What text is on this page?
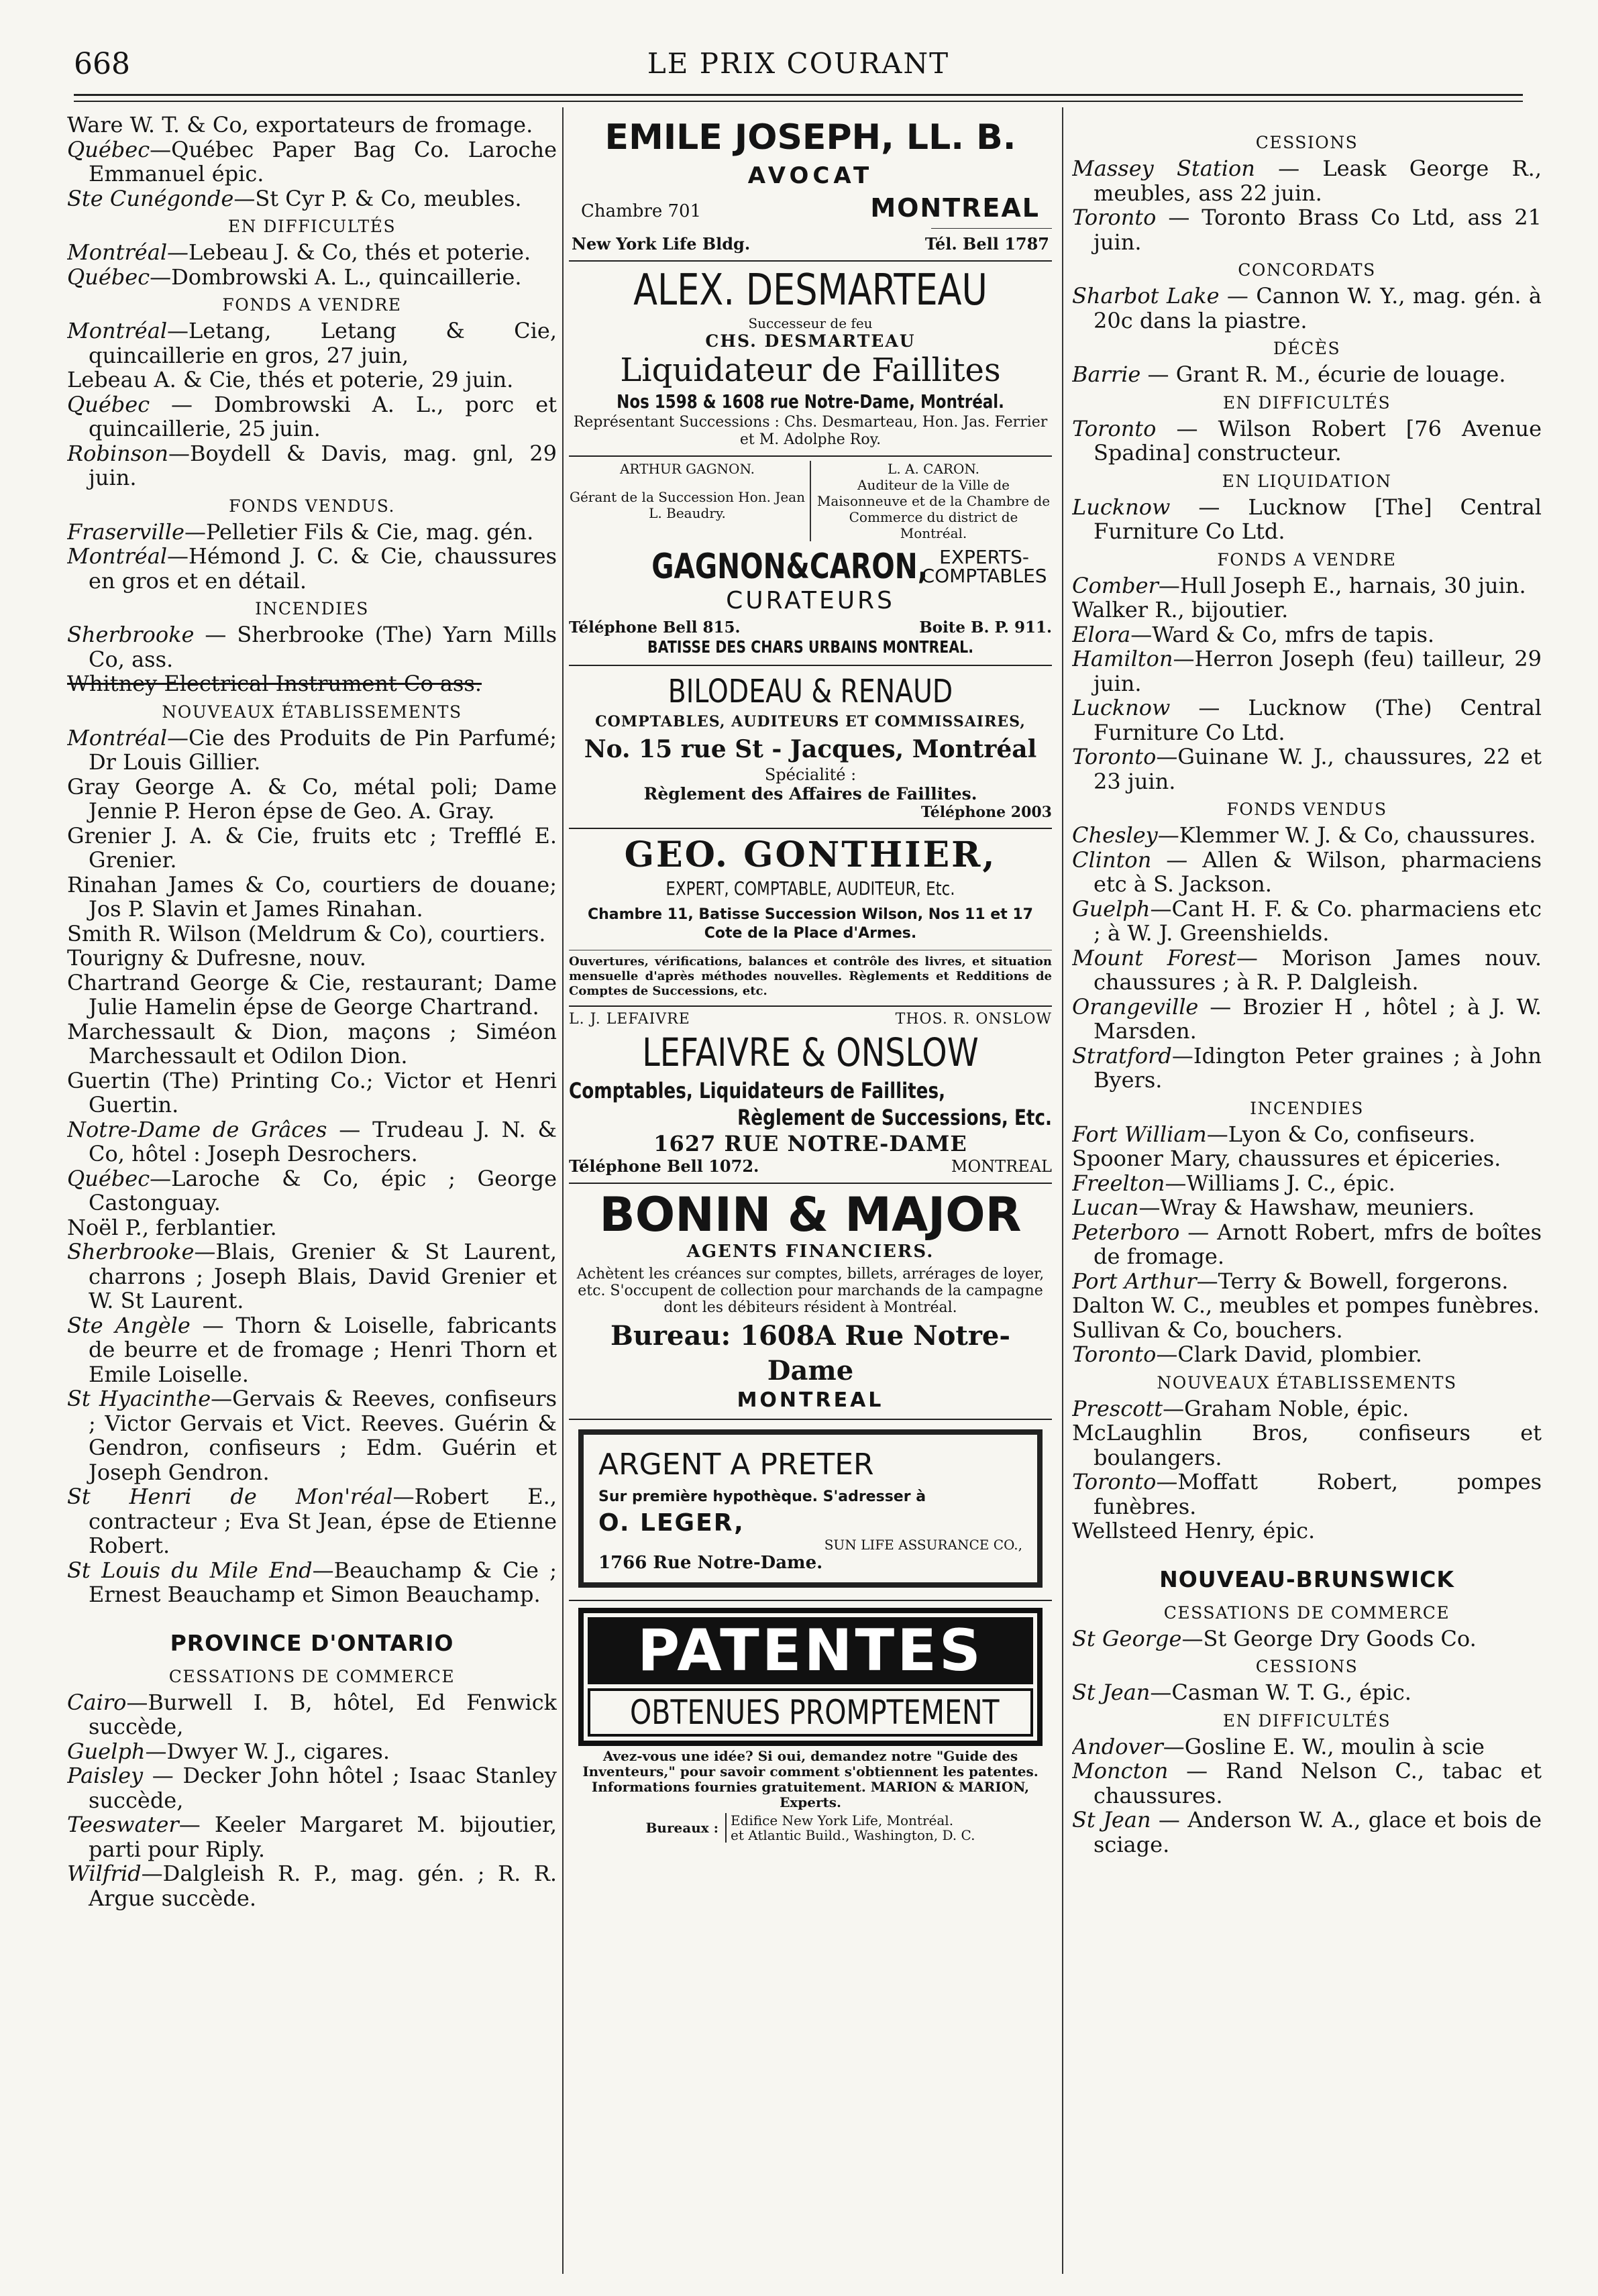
668	LE PRIX COURANT

Ware W. T. & Co, exportateurs de fromage.

Québec—Québec Paper Bag Co. Laroche Emmanuel épic.

Ste Cunégonde—St Cyr P. & Co, meubles.

EN DIFFICULTÉS

Montréal—Lebeau J. & Co, thés et poterie.

Québec—Dombrowski A. L., quincaillerie.

FONDS A VENDRE

Montréal—Letang, Letang & Cie, quincaillerie en gros, 27 juin,

Lebeau A. & Cie, thés et poterie, 29 juin.

Québec — Dombrowski A. L., porc et quincaillerie, 25 juin.

Robinson—Boydell & Davis, mag. gnl, 29 juin.

FONDS VENDUS.

Fraserville—Pelletier Fils & Cie, mag. gén.

Montréal—Hémond J. C. & Cie, chaussures en gros et en détail.

INCENDIES

Sherbrooke — Sherbrooke (The) Yarn Mills Co, ass.

Whitney Electrical Instrument Co ass.

NOUVEAUX ÉTABLISSEMENTS

Montréal—Cie des Produits de Pin Parfumé; Dr Louis Gillier.

Gray George A. & Co, métal poli; Dame Jennie P. Heron épse de Geo. A. Gray.

Grenier J. A. & Cie, fruits etc ; Trefflé E. Grenier.

Rinahan James & Co, courtiers de douane; Jos P. Slavin et James Rinahan.

Smith R. Wilson (Meldrum & Co), courtiers.

Tourigny & Dufresne, nouv.

Chartrand George & Cie, restaurant; Dame Julie Hamelin épse de George Chartrand.

Marchessault & Dion, maçons ; Siméon Marchessault et Odilon Dion.

Guertin (The) Printing Co.; Victor et Henri Guertin.

Notre-Dame de Grâces — Trudeau J. N. & Co, hôtel : Joseph Desrochers.

Québec—Laroche & Co, épic ; George Castonguay.

Noël P., ferblantier.

Sherbrooke—Blais, Grenier & St Laurent, charrons ; Joseph Blais, David Grenier et W. St Laurent.

Ste Angèle — Thorn & Loiselle, fabricants de beurre et de fromage ; Henri Thorn et Emile Loiselle.

St Hyacinthe—Gervais & Reeves, confiseurs ; Victor Gervais et Vict. Reeves. Guérin & Gendron, confiseurs ; Edm. Guérin et Joseph Gendron.

St Henri de Mon'réal—Robert E., contracteur ; Eva St Jean, épse de Etienne Robert.

St Louis du Mile End—Beauchamp & Cie ; Ernest Beauchamp et Simon Beauchamp.

PROVINCE D'ONTARIO
CESSATIONS DE COMMERCE

Cairo—Burwell I. B, hôtel, Ed Fenwick succède,

Guelph—Dwyer W. J., cigares.

Paisley — Decker John hôtel ; Isaac Stanley succède,

Teeswater— Keeler Margaret M. bijoutier, parti pour Riply.

Wilfrid—Dalgleish R. P., mag. gén. ; R. R. Argue succède.

EMILE JOSEPH, LL. B.
AVOCAT
Chambre 701	MONTREAL
New York Life Bldg.	Tél. Bell 1787
ALEX. DESMARTEAU
Successeur de feu
CHS. DESMARTEAU
Liquidateur de Faillites
Nos 1598 & 1608 rue Notre-Dame, Montréal.
Représentant Successions : Chs. Desmarteau, Hon. Jas. Ferrier et M. Adolphe Roy.
ARTHUR GAGNON.
Gérant de la Succession Hon. Jean L. Beaudry.
L. A. CARON.
Auditeur de la Ville de Maisonneuve et de la Chambre de Commerce du district de Montréal.
GAGNON&CARON, EXPERTS-
COMPTABLES
CURATEURS
Téléphone Bell 815.	Boite B. P. 911.
BATISSE DES CHARS URBAINS MONTREAL.
BILODEAU & RENAUD
COMPTABLES, AUDITEURS ET COMMISSAIRES,
No. 15 rue St - Jacques, Montréal
Spécialité :
Règlement des Affaires de Faillites.
Téléphone 2003
GEO. GONTHIER,
EXPERT, COMPTABLE, AUDITEUR, Etc.
Chambre 11, Batisse Succession Wilson, Nos 11 et 17 Cote de la Place d'Armes.
Ouvertures, vérifications, balances et contrôle des livres, et situation mensuelle d'après méthodes nouvelles. Règlements et Redditions de Comptes de Successions, etc.
L. J. LEFAIVRE	THOS. R. ONSLOW
LEFAIVRE & ONSLOW
Comptables, Liquidateurs de Faillites,
Règlement de Successions, Etc.
1627 RUE NOTRE-DAME
Téléphone Bell 1072.	MONTREAL
BONIN & MAJOR
AGENTS FINANCIERS.
Achètent les créances sur comptes, billets, arrérages de loyer, etc. S'occupent de collection pour marchands de la campagne dont les débiteurs résident à Montréal.
Bureau: 1608A Rue Notre-Dame
MONTREAL
ARGENT A PRETER
Sur première hypothèque. S'adresser à
O. LEGER,
SUN LIFE ASSURANCE CO.,
1766 Rue Notre-Dame.
PATENTES
OBTENUES PROMPTEMENT
Avez-vous une idée? Si oui, demandez notre "Guide des Inventeurs," pour savoir comment s'obtiennent les patentes. Informations fournies gratuitement. MARION & MARION, Experts.
Bureaux : Edifice New York Life, Montréal.
et Atlantic Build., Washington, D. C.
CESSIONS

Massey Station — Leask George R., meubles, ass 22 juin.

Toronto — Toronto Brass Co Ltd, ass 21 juin.

CONCORDATS

Sharbot Lake — Cannon W. Y., mag. gén. à 20c dans la piastre.

DÉCÈS

Barrie — Grant R. M., écurie de louage.

EN DIFFICULTÉS

Toronto — Wilson Robert [76 Avenue Spadina] constructeur.

EN LIQUIDATION

Lucknow — Lucknow [The] Central Furniture Co Ltd.

FONDS A VENDRE

Comber—Hull Joseph E., harnais, 30 juin.

Walker R., bijoutier.

Elora—Ward & Co, mfrs de tapis.

Hamilton—Herron Joseph (feu) tailleur, 29 juin.

Lucknow — Lucknow (The) Central Furniture Co Ltd.

Toronto—Guinane W. J., chaussures, 22 et 23 juin.

FONDS VENDUS

Chesley—Klemmer W. J. & Co, chaussures.

Clinton — Allen & Wilson, pharmaciens etc à S. Jackson.

Guelph—Cant H. F. & Co. pharmaciens etc ; à W. J. Greenshields.

Mount Forest— Morison James nouv. chaussures ; à R. P. Dalgleish.

Orangeville — Brozier H , hôtel ; à J. W. Marsden.

Stratford—Idington Peter graines ; à John Byers.

INCENDIES

Fort William—Lyon & Co, confiseurs.

Spooner Mary, chaussures et épiceries.

Freelton—Williams J. C., épic.

Lucan—Wray & Hawshaw, meuniers.

Peterboro — Arnott Robert, mfrs de boîtes de fromage.

Port Arthur—Terry & Bowell, forgerons.

Dalton W. C., meubles et pompes funèbres.

Sullivan & Co, bouchers.

Toronto—Clark David, plombier.

NOUVEAUX ÉTABLISSEMENTS

Prescott—Graham Noble, épic.

McLaughlin Bros, confiseurs et boulangers.

Toronto—Moffatt Robert, pompes funèbres.

Wellsteed Henry, épic.

NOUVEAU-BRUNSWICK
CESSATIONS DE COMMERCE

St George—St George Dry Goods Co.

CESSIONS

St Jean—Casman W. T. G., épic.

EN DIFFICULTÉS

Andover—Gosline E. W., moulin à scie

Moncton — Rand Nelson C., tabac et chaussures.

St Jean — Anderson W. A., glace et bois de sciage.
